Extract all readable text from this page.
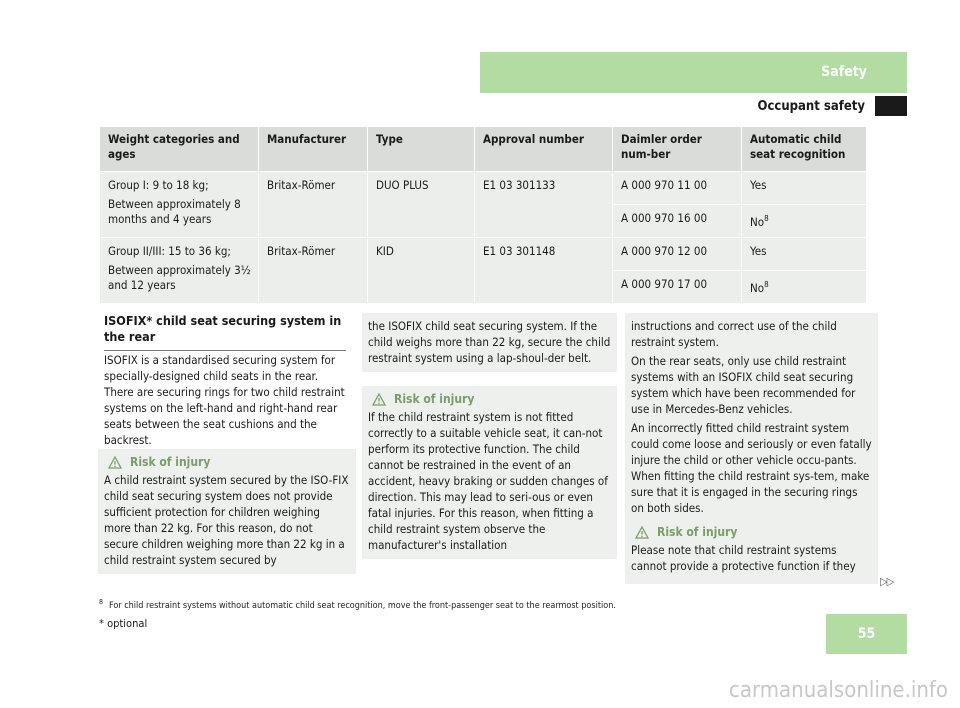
Safety
Occupant safety
Weight categories and ages	Manufacturer	Type	Approval number	Daimler order num-ber	Automatic child seat recognition

Group I: 9 to 18 kg;

Between approximately 8 months and 4 years	Britax-Römer	DUO PLUS	E1 03 301133	A 000 970 11 00	Yes
				A 000 970 16 00	No$^8$

Group II/III: 15 to 36 kg;

Between approximately 3½ and 12 years	Britax-Römer	KID	E1 03 301148	A 000 970 12 00	Yes
				A 000 970 17 00	No$^8$
ISOFIX* child seat securing system in the rear
ISOFIX is a standardised securing system for specially-designed child seats in the rear. There are securing rings for two child restraint systems on the left-hand and right-hand rear seats between the seat cushions and the backrest.

Risk of injury

A child restraint system secured by the ISO-FIX child seat securing system does not provide sufficient protection for children weighing more than 22 kg. For this reason, do not secure children weighing more than 22 kg in a child restraint system secured by

the ISOFIX child seat securing system. If the child weighs more than 22 kg, secure the child restraint system using a lap-shoul-der belt.

Risk of injury

If the child restraint system is not fitted correctly to a suitable vehicle seat, it can-not perform its protective function. The child cannot be restrained in the event of an accident, heavy braking or sudden changes of direction. This may lead to seri-ous or even fatal injuries. For this reason, when fitting a child restraint system observe the manufacturer's installation

instructions and correct use of the child restraint system.

On the rear seats, only use child restraint systems with an ISOFIX child seat securing system which have been recommended for use in Mercedes-Benz vehicles.

An incorrectly fitted child restraint system could come loose and seriously or even fatally injure the child or other vehicle occu-pants. When fitting the child restraint sys-tem, make sure that it is engaged in the securing rings on both sides.

Risk of injury

Please note that child restraint systems cannot provide a protective function if they

▷▷
$^8$ For child restraint systems without automatic child seat recognition, move the front-passenger seat to the rearmost position.
55
* optional
carmanualsonline.info
